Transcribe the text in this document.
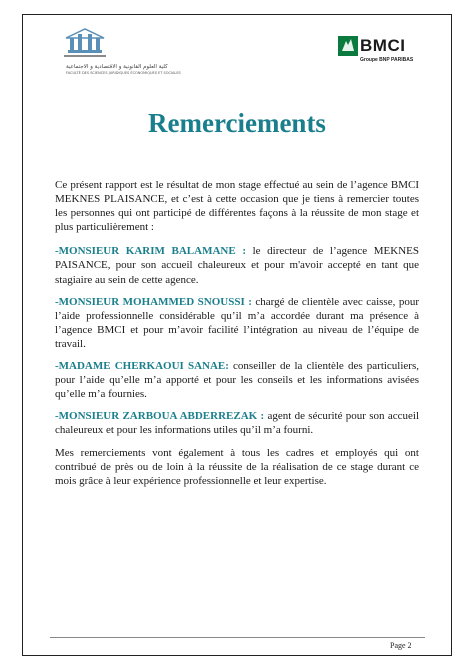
كلية العلوم القانونية و الاقتصادية و الاجتماعية
FACULTÉ DES SCIENCES JURIDIQUES ÉCONOMIQUES ET SOCIALES
BMCI
Groupe BNP PARIBAS
Remerciements

Ce présent rapport est le résultat de mon stage effectué au sein de l’agence BMCI MEKNES PLAISANCE, et c’est à cette occasion que je tiens à remercier toutes les personnes qui ont participé de différentes façons à la réussite de mon stage et plus particulièrement :

-MONSIEUR KARIM BALAMANE : le directeur de l’agence MEKNES PAISANCE, pour son accueil chaleureux et pour m'avoir accepté en tant que stagiaire au sein de cette agence.

-MONSIEUR MOHAMMED SNOUSSI : chargé de clientèle avec caisse, pour l’aide professionnelle considérable qu’il m’a accordée durant ma présence à l’agence BMCI et pour m’avoir facilité l’intégration au niveau de l’équipe de travail.

-MADAME CHERKAOUI SANAE: conseiller de la clientèle des particuliers, pour l’aide qu’elle m’a apporté et pour les conseils et les informations avisées qu’elle m’a fournies.

-MONSIEUR ZARBOUA ABDERREZAK : agent de sécurité pour son accueil chaleureux et pour les informations utiles qu’il m’a fourni.

Mes remerciements vont également à tous les cadres et employés qui ont contribué de près ou de loin à la réussite de la réalisation de ce stage durant ce mois grâce à leur expérience professionnelle et leur expertise.

Page 2
